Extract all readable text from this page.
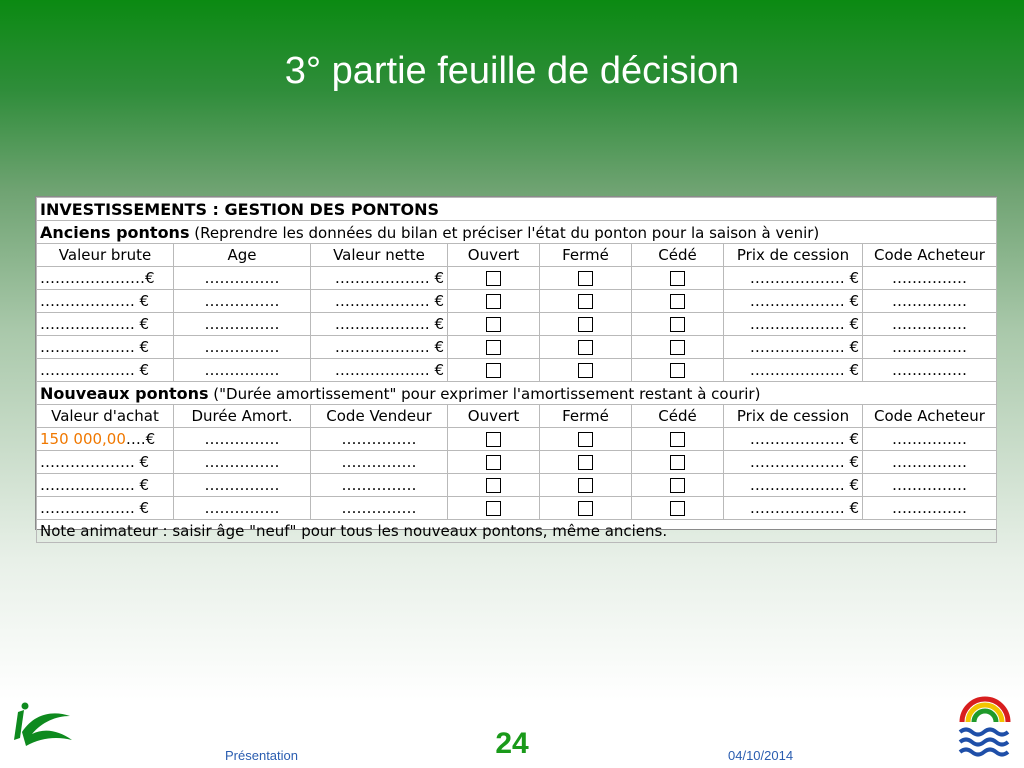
3° partie feuille de décision
INVESTISSEMENTS : GESTION DES PONTONS							
Anciens pontons (Reprendre les données du bilan et préciser l'état du ponton pour la saison à venir)							
Valeur brute	Age	Valeur nette	Ouvert	Fermé	Cédé	Prix de cession	Code Acheteur
…………………€	……………	………………. €				………………. €	……………
………………. €	……………	………………. €				………………. €	……………
………………. €	……………	………………. €				………………. €	……………
………………. €	……………	………………. €				………………. €	……………
………………. €	……………	………………. €				………………. €	……………
Nouveaux pontons ("Durée amortissement" pour exprimer l'amortissement restant à courir)							
Valeur d'achat	Durée Amort.	Code Vendeur	Ouvert	Fermé	Cédé	Prix de cession	Code Acheteur
150 000,00….€	……………	……………				………………. €	……………
………………. €	……………	……………				………………. €	……………
………………. €	……………	……………				………………. €	……………
………………. €	……………	……………				………………. €	……………
Note animateur : saisir âge "neuf" pour tous les nouveaux pontons, même anciens.							
Présentation	24	04/10/2014
